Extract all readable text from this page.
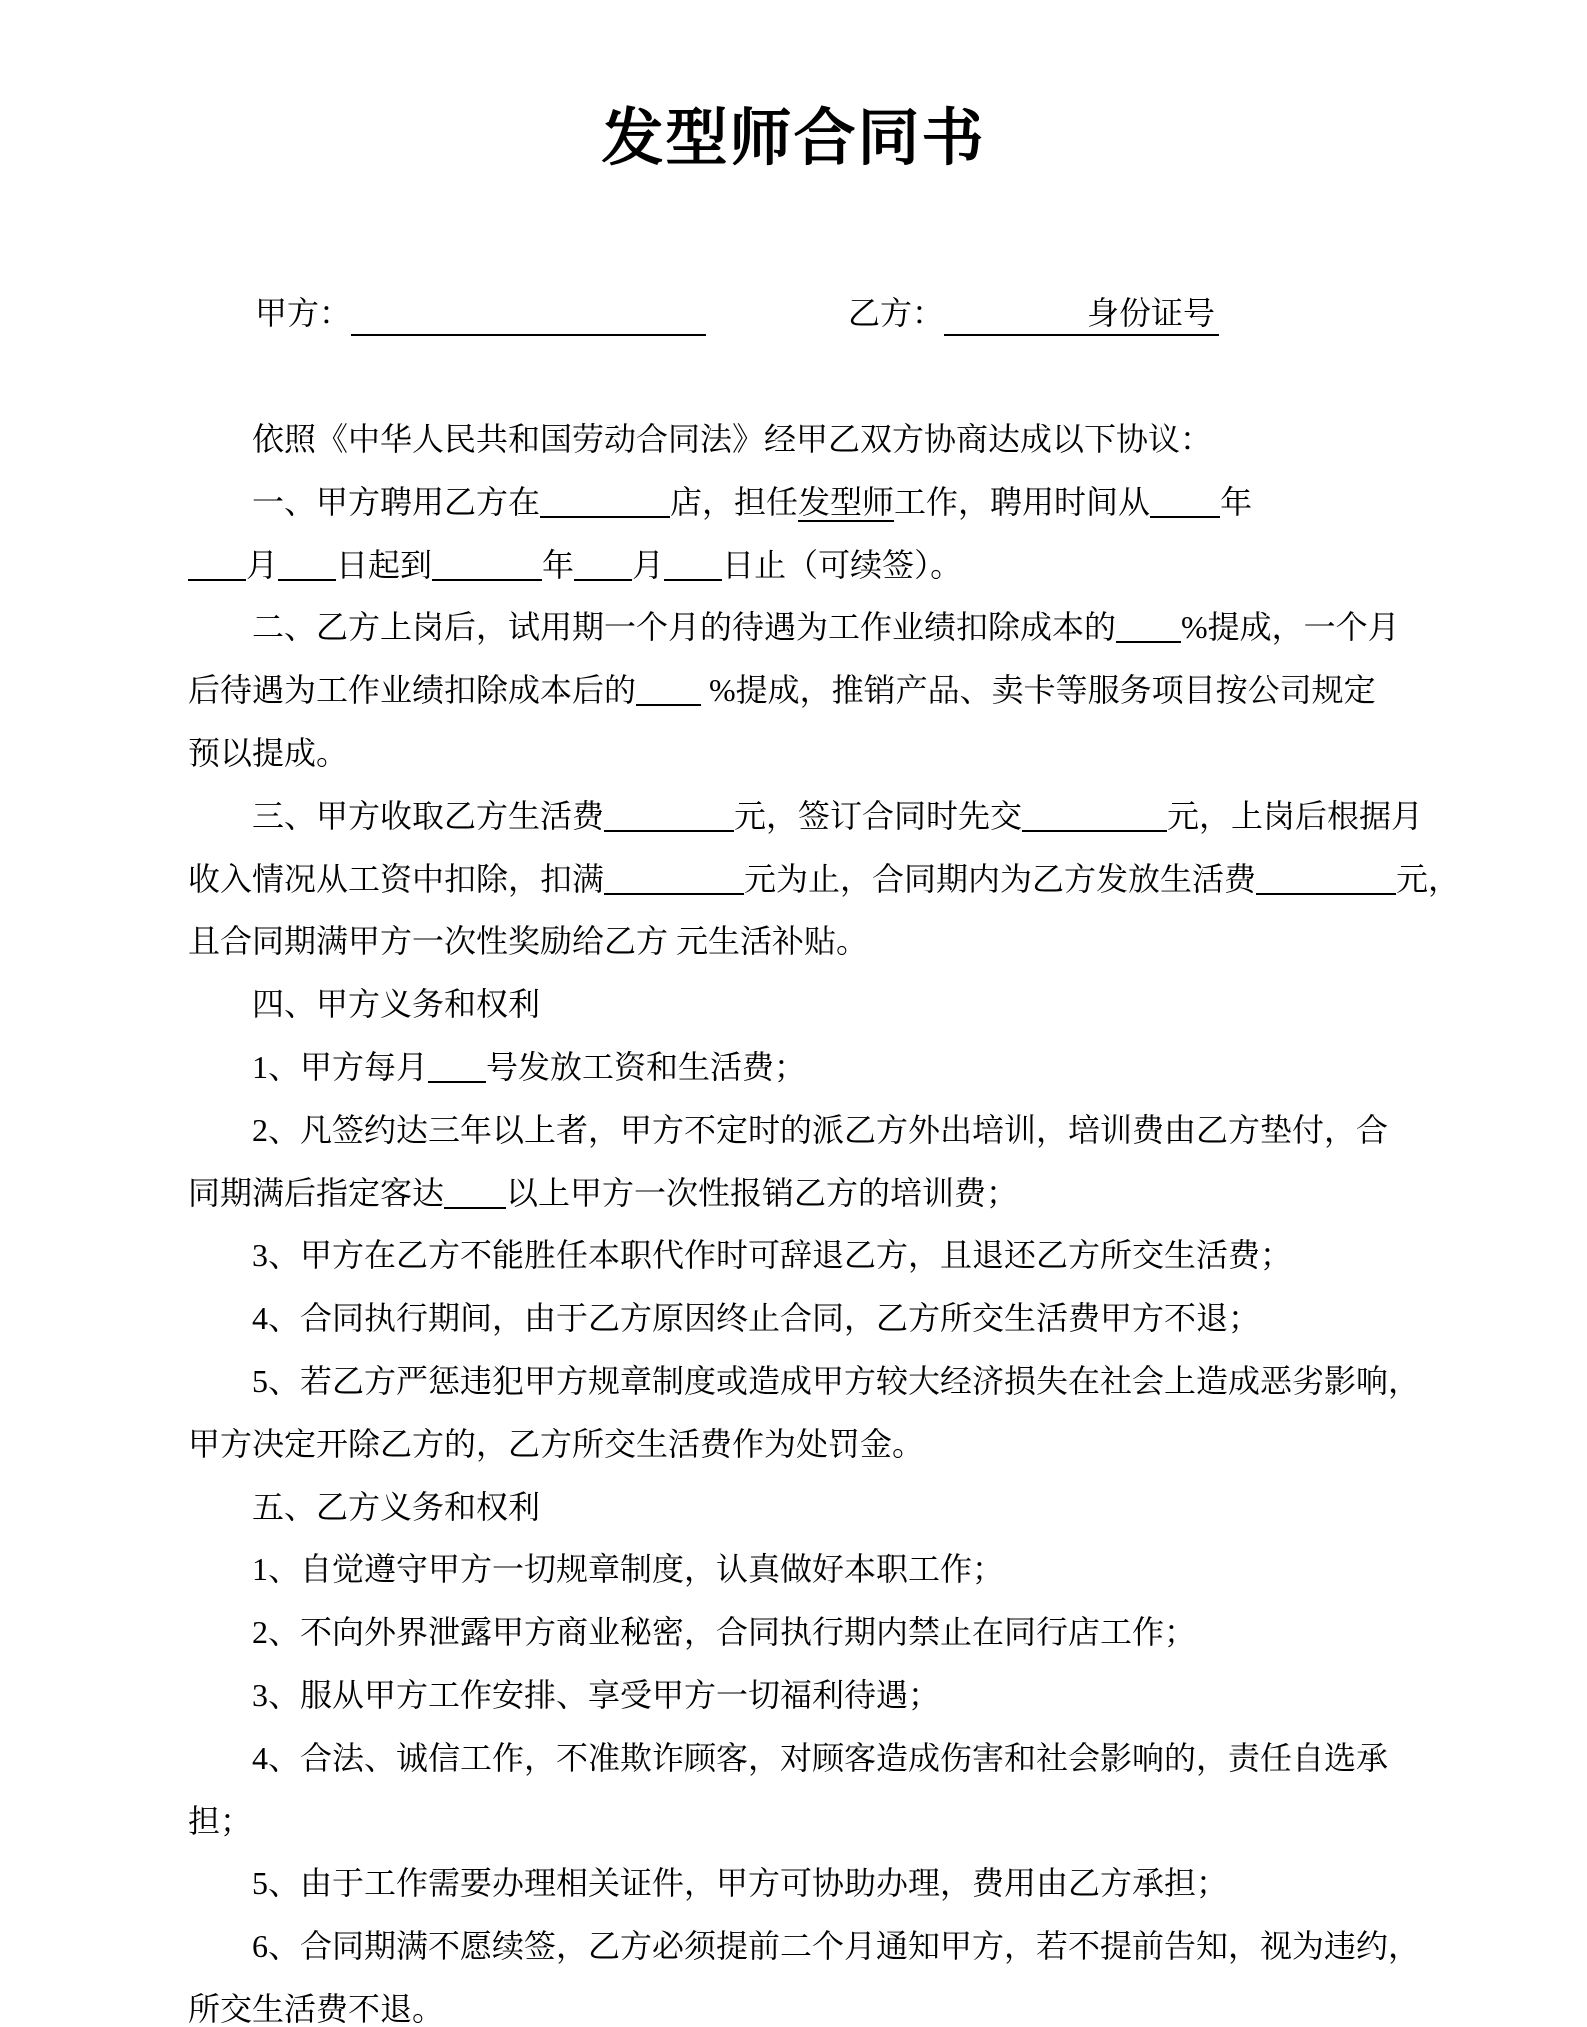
发型师合同书
甲方：	乙方：	身份证号
依照《中华人民共和国劳动合同法》经甲乙双方协商达成以下协议：
一、甲方聘用乙方在	店，担任发型师工作，聘用时间从 年
月 日起到	年 月 日止（可续签）。
二、乙方上岗后，试用期一个月的待遇为工作业绩扣除成本的 %提成，一个月
后待遇为工作业绩扣除成本后的 %提成，推销产品、卖卡等服务项目按公司规定
预以提成。
三、甲方收取乙方生活费	元，签订合同时先交	元，上岗后根据月
收入情况从工资中扣除，扣满	元为止，合同期内为乙方发放生活费	元，
且合同期满甲方一次性奖励给乙方 元生活补贴。
四、甲方义务和权利
1、甲方每月 号发放工资和生活费；
2、凡签约达三年以上者，甲方不定时的派乙方外出培训，培训费由乙方垫付，合
同期满后指定客达 以上甲方一次性报销乙方的培训费；
3、甲方在乙方不能胜任本职代作时可辞退乙方，且退还乙方所交生活费；
4、合同执行期间，由于乙方原因终止合同，乙方所交生活费甲方不退；
5、若乙方严惩违犯甲方规章制度或造成甲方较大经济损失在社会上造成恶劣影响，
甲方决定开除乙方的，乙方所交生活费作为处罚金。
五、乙方义务和权利
1、自觉遵守甲方一切规章制度，认真做好本职工作；
2、不向外界泄露甲方商业秘密，合同执行期内禁止在同行店工作；
3、服从甲方工作安排、享受甲方一切福利待遇；
4、合法、诚信工作，不准欺诈顾客，对顾客造成伤害和社会影响的，责任自选承
担；
5、由于工作需要办理相关证件，甲方可协助办理，费用由乙方承担；
6、合同期满不愿续签，乙方必须提前二个月通知甲方，若不提前告知，视为违约，
所交生活费不退。
